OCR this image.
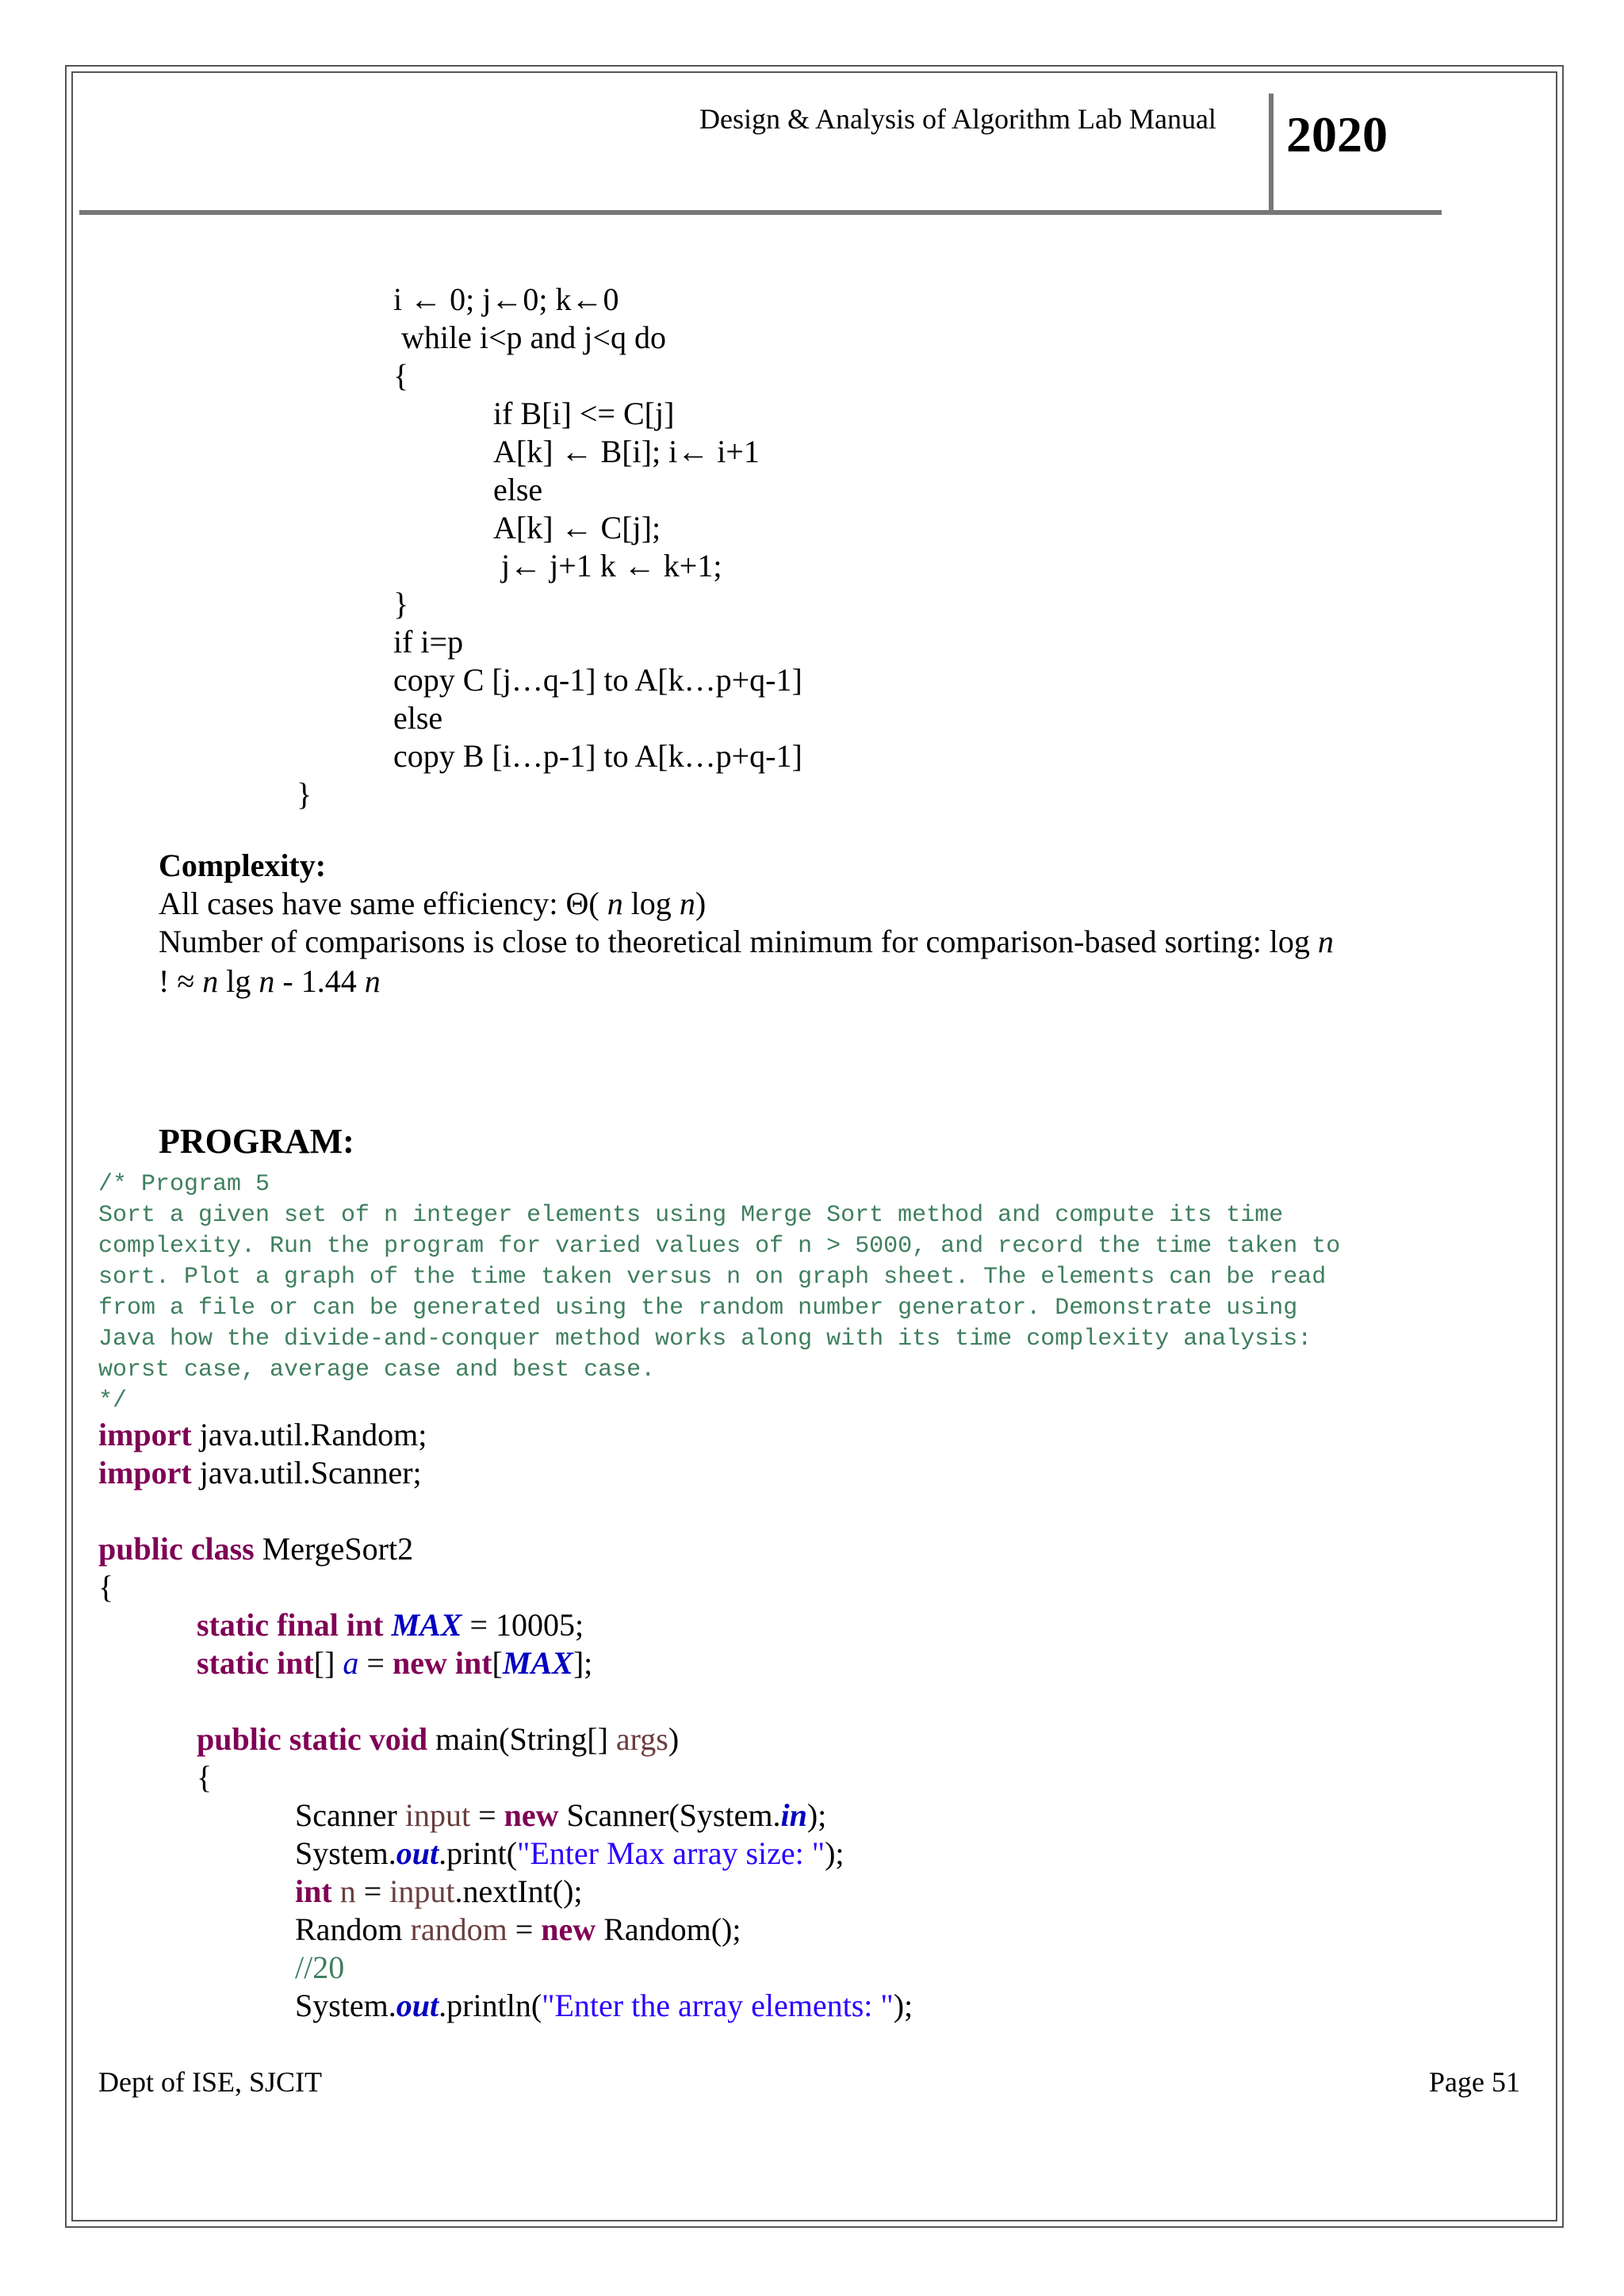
Design & Analysis of Algorithm Lab Manual	2020
i ← 0; j←0; k←0
while i<p and j<q do
{
if B[i] <= C[j]
A[k] ← B[i]; i← i+1
else
A[k] ← C[j];
j← j+1 k ← k+1;
}
if i=p
copy C [j…q-1] to A[k…p+q-1]
else
copy B [i…p-1] to A[k…p+q-1]
}
Complexity:
All cases have same efficiency: Θ( n log n)
Number of comparisons is close to theoretical minimum for comparison-based sorting: log n
! ≈ n lg n - 1.44 n
PROGRAM:
/* Program 5
Sort a given set of n integer elements using Merge Sort method and compute its time
complexity. Run the program for varied values of n > 5000, and record the time taken to
sort. Plot a graph of the time taken versus n on graph sheet. The elements can be read
from a file or can be generated using the random number generator. Demonstrate using
Java how the divide-and-conquer method works along with its time complexity analysis:
worst case, average case and best case.
*/
import java.util.Random;
import java.util.Scanner;
public class MergeSort2
{
static final int MAX = 10005;
static int[] a = new int[MAX];
public static void main(String[] args)
{
Scanner input = new Scanner(System.in);
System.out.print("Enter Max array size: ");
int n = input.nextInt();
Random random = new Random();
//20
System.out.println("Enter the array elements: ");
Dept of ISE, SJCIT	Page 51
